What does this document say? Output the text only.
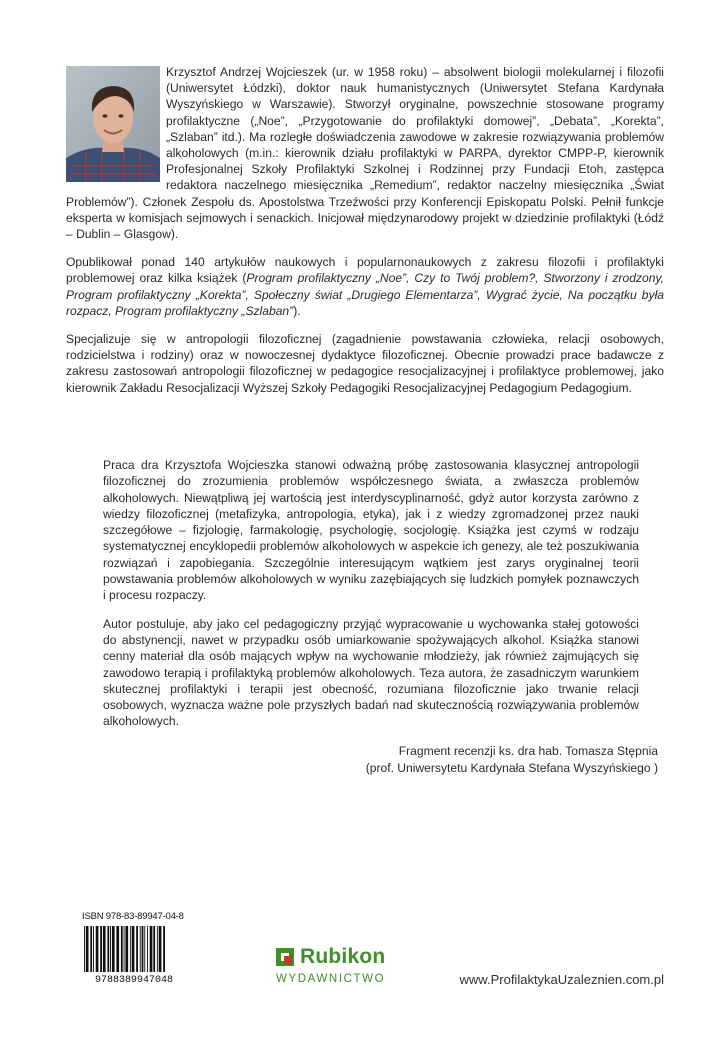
Krzysztof Andrzej Wojcieszek (ur. w 1958 roku) – absolwent biologii molekularnej i filozofii (Uniwersytet Łódzki), doktor nauk humanistycznych (Uniwersytet Stefana Kardynała Wyszyńskiego w Warszawie). Stworzył oryginalne, powszechnie stosowane programy profilaktyczne („Noe”, „Przygotowanie do profilaktyki domowej”, „Debata”, „Korekta”, „Szlaban” itd.). Ma rozległe doświadczenia zawodowe w zakresie rozwiązywania problemów alkoholowych (m.in.: kierownik działu profilaktyki w PARPA, dyrektor CMPP-P, kierownik Profesjonalnej Szkoły Profilaktyki Szkolnej i Rodzinnej przy Fundacji Etoh, zastępca redaktora naczelnego miesięcznika „Remedium”, redaktor naczelny miesięcznika „Świat Problemów”). Członek Zespołu ds. Apostolstwa Trzeźwości przy Konferencji Episkopatu Polski. Pełnił funkcje eksperta w komisjach sejmowych i senackich. Inicjował międzynarodowy projekt w dziedzinie profilaktyki (Łódź – Dublin – Glasgow).

Opublikował ponad 140 artykułów naukowych i popularnonaukowych z zakresu filozofii i profilaktyki problemowej oraz kilka książek (Program profilaktyczny „Noe”, Czy to Twój problem?, Stworzony i zrodzony, Program profilaktyczny „Korekta”, Społeczny świat „Drugiego Elementarza”, Wygrać życie, Na początku była rozpacz, Program profilaktyczny „Szlaban”).

Specjalizuje się w antropologii filozoficznej (zagadnienie powstawania człowieka, relacji osobowych, rodzicielstwa i rodziny) oraz w nowoczesnej dydaktyce filozoficznej. Obecnie prowadzi prace badawcze z zakresu zastosowań antropologii filozoficznej w pedagogice resocjalizacyjnej i profilaktyce problemowej, jako kierownik Zakładu Resocjalizacji Wyższej Szkoły Pedagogiki Resocjalizacyjnej Pedagogium Pedagogium.

Praca dra Krzysztofa Wojcieszka stanowi odważną próbę zastosowania klasycznej antropologii filozoficznej do zrozumienia problemów współczesnego świata, a zwłaszcza problemów alkoholowych. Niewątpliwą jej wartością jest interdyscyplinarność, gdyż autor korzysta zarówno z wiedzy filozoficznej (metafizyka, antropologia, etyka), jak i z wiedzy zgromadzonej przez nauki szczegółowe – fizjologię, farmakologię, psychologię, socjologię. Książka jest czymś w rodzaju systematycznej encyklopedii problemów alkoholowych w aspekcie ich genezy, ale też poszukiwania rozwiązań i zapobiegania. Szczególnie interesującym wątkiem jest zarys oryginalnej teorii powstawania problemów alkoholowych w wyniku zazębiających się ludzkich pomyłek poznawczych i procesu rozpaczy.

Autor postuluje, aby jako cel pedagogiczny przyjąć wypracowanie u wychowanka stałej gotowości do abstynencji, nawet w przypadku osób umiarkowanie spożywających alkohol. Książka stanowi cenny materiał dla osób mających wpływ na wychowanie młodzieży, jak również zajmujących się zawodowo terapią i profilaktyką problemów alkoholowych. Teza autora, że zasadniczym warunkiem skutecznej profilaktyki i terapii jest obecność, rozumiana filozoficznie jako trwanie relacji osobowych, wyznacza ważne pole przyszłych badań nad skutecznością rozwiązywania problemów alkoholowych.

Fragment recenzji ks. dra hab. Tomasza Stępnia
(prof. Uniwersytetu Kardynała Stefana Wyszyńskiego )
ISBN 978-83-89947-04-8
9788389947048
Rubikon
WYDAWNICTWO	www.ProfilaktykaUzaleznien.com.pl
